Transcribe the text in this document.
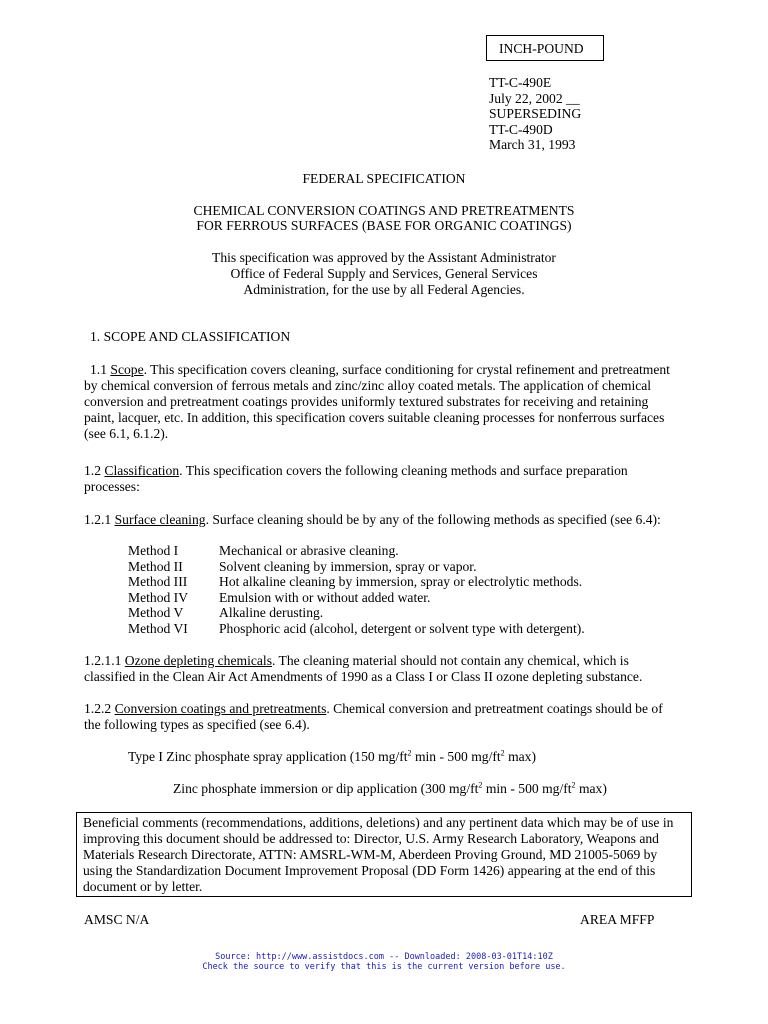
INCH-POUND
TT-C-490E
July 22, 2002 __
SUPERSEDING
TT-C-490D
March 31, 1993
FEDERAL SPECIFICATION
CHEMICAL CONVERSION COATINGS AND PRETREATMENTS
FOR FERROUS SURFACES (BASE FOR ORGANIC COATINGS)
This specification was approved by the Assistant Administrator
Office of Federal Supply and Services, General Services
Administration, for the use by all Federal Agencies.
1. SCOPE AND CLASSIFICATION
1.1 Scope. This specification covers cleaning, surface conditioning for crystal refinement and pretreatment
by chemical conversion of ferrous metals and zinc/zinc alloy coated metals. The application of chemical
conversion and pretreatment coatings provides uniformly textured substrates for receiving and retaining
paint, lacquer, etc. In addition, this specification covers suitable cleaning processes for nonferrous surfaces
(see 6.1, 6.1.2).
1.2 Classification. This specification covers the following cleaning methods and surface preparation
processes:
1.2.1 Surface cleaning. Surface cleaning should be by any of the following methods as specified (see 6.4):
Method I	Mechanical or abrasive cleaning.
Method II	Solvent cleaning by immersion, spray or vapor.
Method III Hot alkaline cleaning by immersion, spray or electrolytic methods.
Method IV Emulsion with or without added water.
Method V	Alkaline derusting.
Method VI Phosphoric acid (alcohol, detergent or solvent type with detergent).
1.2.1.1 Ozone depleting chemicals. The cleaning material should not contain any chemical, which is
classified in the Clean Air Act Amendments of 1990 as a Class I or Class II ozone depleting substance.
1.2.2 Conversion coatings and pretreatments. Chemical conversion and pretreatment coatings should be of
the following types as specified (see 6.4).
Type I Zinc phosphate spray application (150 $mg/ft^2$ min - 500 $mg/ft^2$ max)
Zinc phosphate immersion or dip application (300 $mg/ft^2$ min - 500 $mg/ft^2$ max)
Beneficial comments (recommendations, additions, deletions) and any pertinent data which may be of use in
improving this document should be addressed to: Director, U.S. Army Research Laboratory, Weapons and
Materials Research Directorate, ATTN: AMSRL-WM-M, Aberdeen Proving Ground, MD 21005-5069 by
using the Standardization Document Improvement Proposal (DD Form 1426) appearing at the end of this
document or by letter.
AMSC N/A	AREA MFFP
Source: http://www.assistdocs.com -- Downloaded: 2008-03-01T14:10Z
Check the source to verify that this is the current version before use.
